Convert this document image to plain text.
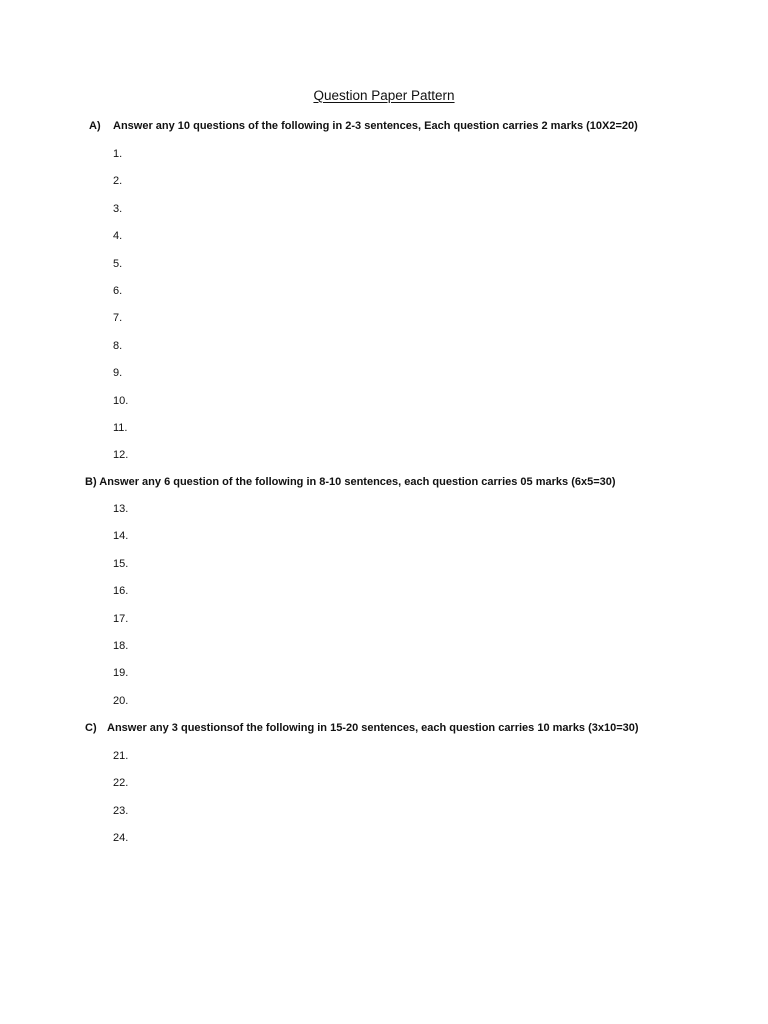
Question Paper Pattern
A) Answer any 10 questions of the following in 2-3 sentences, Each question carries 2 marks (10X2=20)
1.
2.
3.
4.
5.
6.
7.
8.
9.
10.
11.
12.
B) Answer any 6 question of the following in 8-10 sentences, each question carries 05 marks (6x5=30)
13.
14.
15.
16.
17.
18.
19.
20.
C) Answer any 3 questionsof the following in 15-20 sentences, each question carries 10 marks (3x10=30)
21.
22.
23.
24.
